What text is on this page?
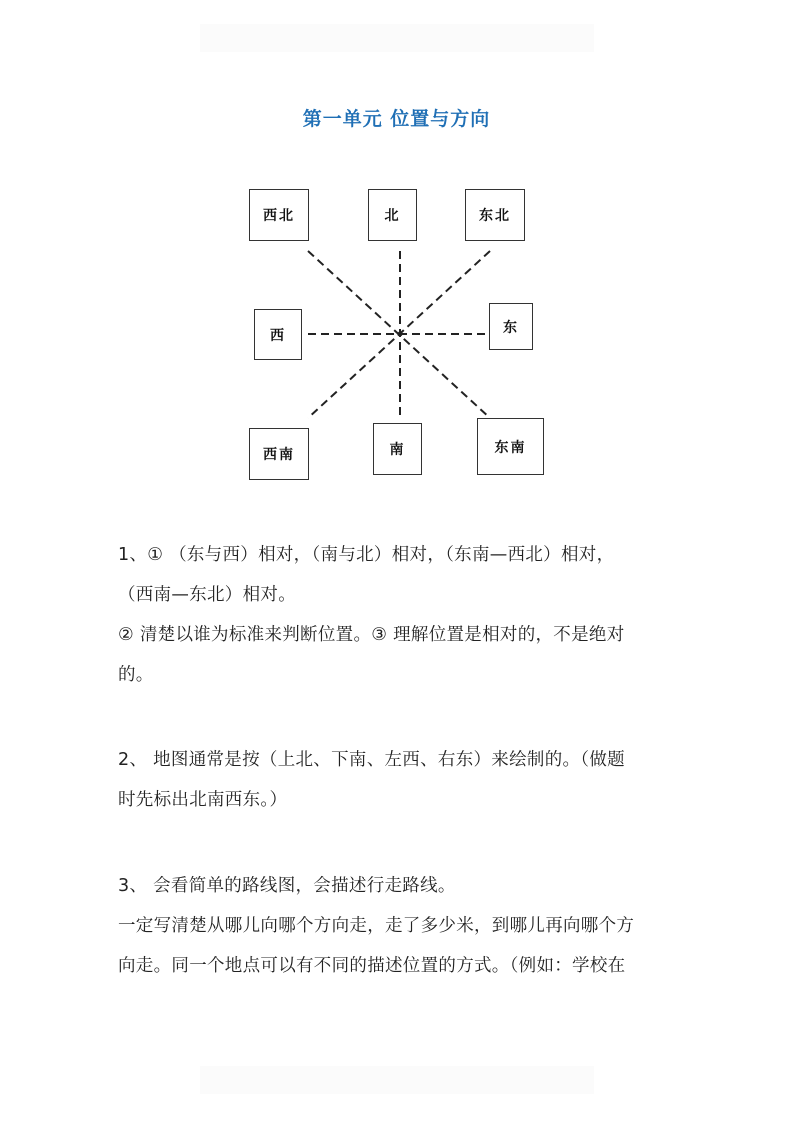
第一单元 位置与方向
西北	北	东北
西	东
西南	南	东南
1、① （东与西）相对，（南与北）相对，（东南—西北）相对，
（西南—东北）相对。
② 清楚以谁为标准来判断位置。③ 理解位置是相对的，不是绝对
的。
2、 地图通常是按（上北、下南、左西、右东）来绘制的。（做题
时先标出北南西东。）
3、 会看简单的路线图，会描述行走路线。
一定写清楚从哪儿向哪个方向走，走了多少米，到哪儿再向哪个方
向走。同一个地点可以有不同的描述位置的方式。（例如：学校在
